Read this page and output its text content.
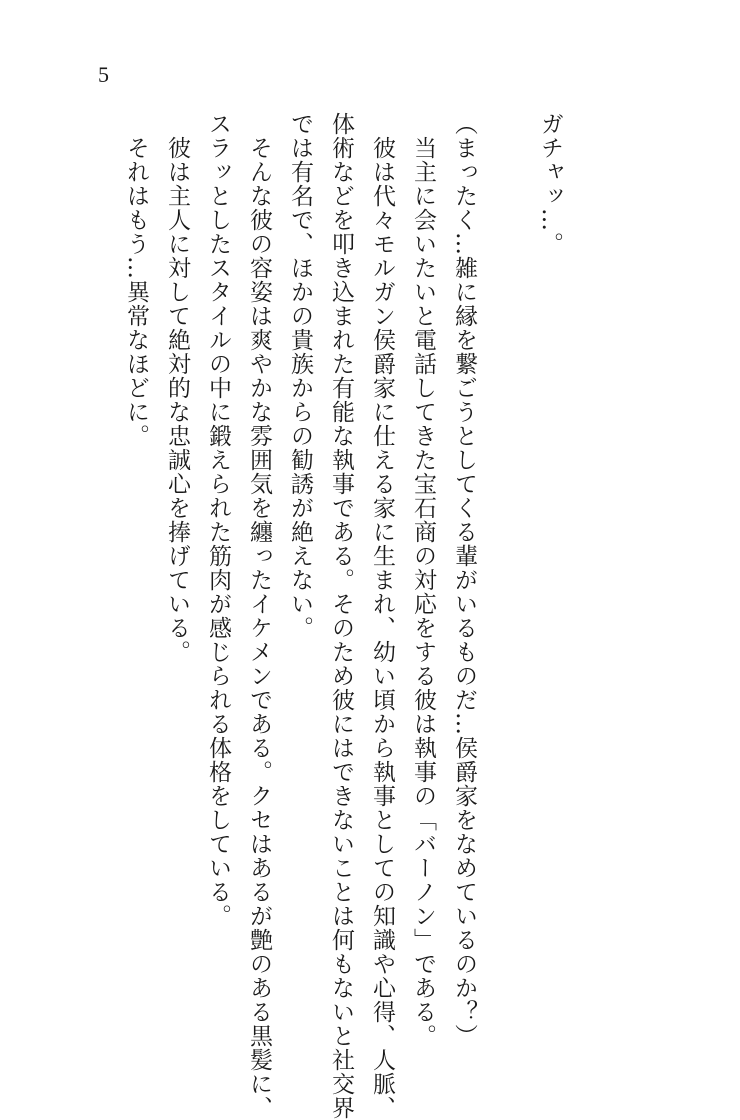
5
ガチャッ…。
（まったく…雑に縁を繋ごうとしてくる輩がいるものだ…侯爵家をなめているのか？）
　当主に会いたいと電話してきた宝石商の対応をする彼は執事の「バーノン」である。
　彼は代々モルガン侯爵家に仕える家に生まれ、幼い頃から執事としての知識や心得、人脈、
体術などを叩き込まれた有能な執事である。そのため彼にはできないことは何もないと社交界
では有名で、ほかの貴族からの勧誘が絶えない。
　そんな彼の容姿は爽やかな雰囲気を纏ったイケメンである。クセはあるが艶のある黒髪に、
スラッとしたスタイルの中に鍛えられた筋肉が感じられる体格をしている。
　彼は主人に対して絶対的な忠誠心を捧げている。
　それはもう…異常なほどに。
